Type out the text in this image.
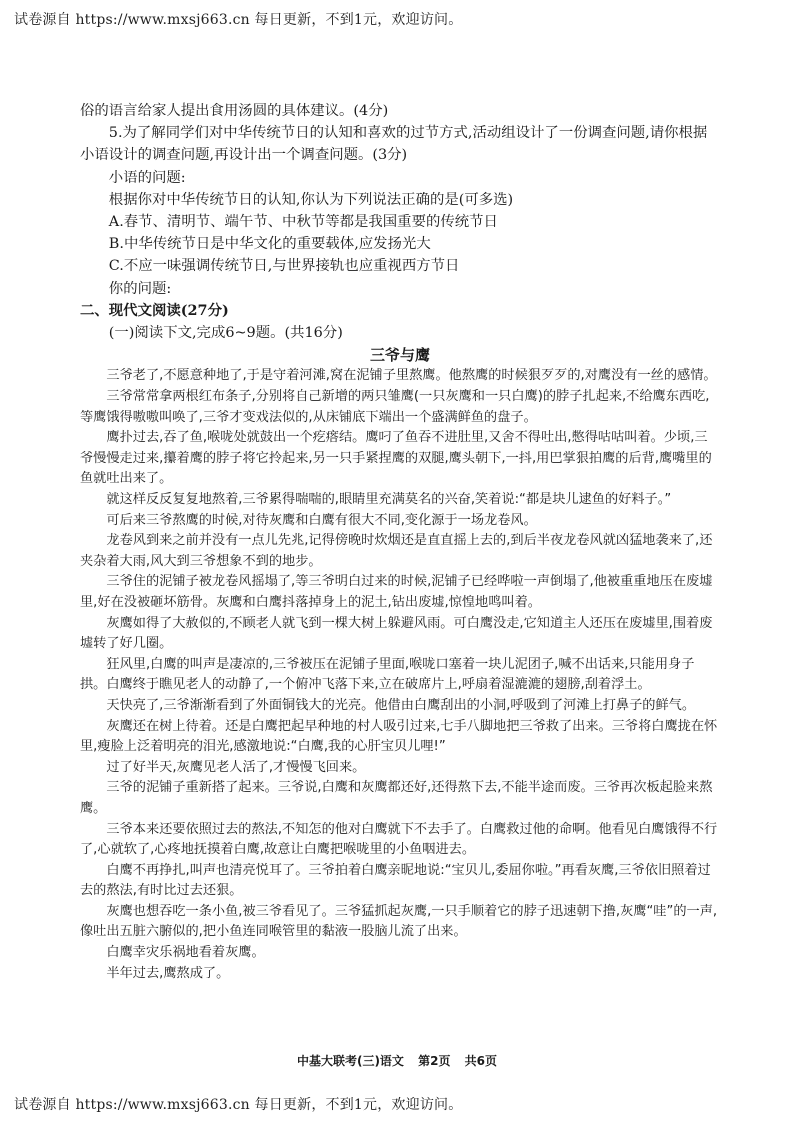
试卷源自 https://www.mxsj663.cn 每日更新，不到1元，欢迎访问。

俗的语言给家人提出食用汤圆的具体建议。(4分)

5.为了解同学们对中华传统节日的认知和喜欢的过节方式,活动组设计了一份调查问题,请你根据小语设计的调查问题,再设计出一个调查问题。(3分)

小语的问题:

根据你对中华传统节日的认知,你认为下列说法正确的是(可多选)

A.春节、清明节、端午节、中秋节等都是我国重要的传统节日

B.中华传统节日是中华文化的重要载体,应发扬光大

C.不应一味强调传统节日,与世界接轨也应重视西方节日

你的问题:

二、现代文阅读(27分)

(一)阅读下文,完成6~9题。(共16分)

三爷与鹰

三爷老了,不愿意种地了,于是守着河滩,窝在泥铺子里熬鹰。他熬鹰的时候狠歹歹的,对鹰没有一丝的感情。

三爷常常拿两根红布条子,分别将自己新增的两只雏鹰(一只灰鹰和一只白鹰)的脖子扎起来,不给鹰东西吃,等鹰饿得嗷嗷叫唤了,三爷才变戏法似的,从床铺底下端出一个盛满鲜鱼的盘子。

鹰扑过去,吞了鱼,喉咙处就鼓出一个疙瘩结。鹰叼了鱼吞不进肚里,又舍不得吐出,憋得咕咕叫着。少顷,三爷慢慢走过来,攥着鹰的脖子将它拎起来,另一只手紧捏鹰的双腿,鹰头朝下,一抖,用巴掌狠拍鹰的后背,鹰嘴里的鱼就吐出来了。

就这样反反复复地熬着,三爷累得喘喘的,眼睛里充满莫名的兴奋,笑着说:“都是块儿逮鱼的好料子。”

可后来三爷熬鹰的时候,对待灰鹰和白鹰有很大不同,变化源于一场龙卷风。

龙卷风到来之前并没有一点儿先兆,记得傍晚时炊烟还是直直摇上去的,到后半夜龙卷风就凶猛地袭来了,还夹杂着大雨,风大到三爷想象不到的地步。

三爷住的泥铺子被龙卷风摇塌了,等三爷明白过来的时候,泥铺子已经哗啦一声倒塌了,他被重重地压在废墟里,好在没被砸坏筋骨。灰鹰和白鹰抖落掉身上的泥土,钻出废墟,惊惶地鸣叫着。

灰鹰如得了大赦似的,不顾老人就飞到一棵大树上躲避风雨。可白鹰没走,它知道主人还压在废墟里,围着废墟转了好几圈。

狂风里,白鹰的叫声是凄凉的,三爷被压在泥铺子里面,喉咙口塞着一块儿泥团子,喊不出话来,只能用身子拱。白鹰终于瞧见老人的动静了,一个俯冲飞落下来,立在破席片上,呼扇着湿漉漉的翅膀,刮着浮土。

天快亮了,三爷渐渐看到了外面铜钱大的光亮。他借由白鹰刮出的小洞,呼吸到了河滩上打鼻子的鲜气。

灰鹰还在树上待着。还是白鹰把起早种地的村人吸引过来,七手八脚地把三爷救了出来。三爷将白鹰拢在怀里,瘦脸上泛着明亮的泪光,感激地说:“白鹰,我的心肝宝贝儿哩!”

过了好半天,灰鹰见老人活了,才慢慢飞回来。

三爷的泥铺子重新搭了起来。三爷说,白鹰和灰鹰都还好,还得熬下去,不能半途而废。三爷再次板起脸来熬鹰。

三爷本来还要依照过去的熬法,不知怎的他对白鹰就下不去手了。白鹰救过他的命啊。他看见白鹰饿得不行了,心就软了,心疼地抚摸着白鹰,故意让白鹰把喉咙里的小鱼咽进去。

白鹰不再挣扎,叫声也清亮悦耳了。三爷拍着白鹰亲昵地说:“宝贝儿,委屈你啦。”再看灰鹰,三爷依旧照着过去的熬法,有时比过去还狠。

灰鹰也想吞吃一条小鱼,被三爷看见了。三爷猛抓起灰鹰,一只手顺着它的脖子迅速朝下撸,灰鹰“哇”的一声,像吐出五脏六腑似的,把小鱼连同喉管里的黏液一股脑儿流了出来。

白鹰幸灾乐祸地看着灰鹰。

半年过去,鹰熬成了。

中基大联考(三)语文 第2页 共6页
试卷源自 https://www.mxsj663.cn 每日更新，不到1元，欢迎访问。
